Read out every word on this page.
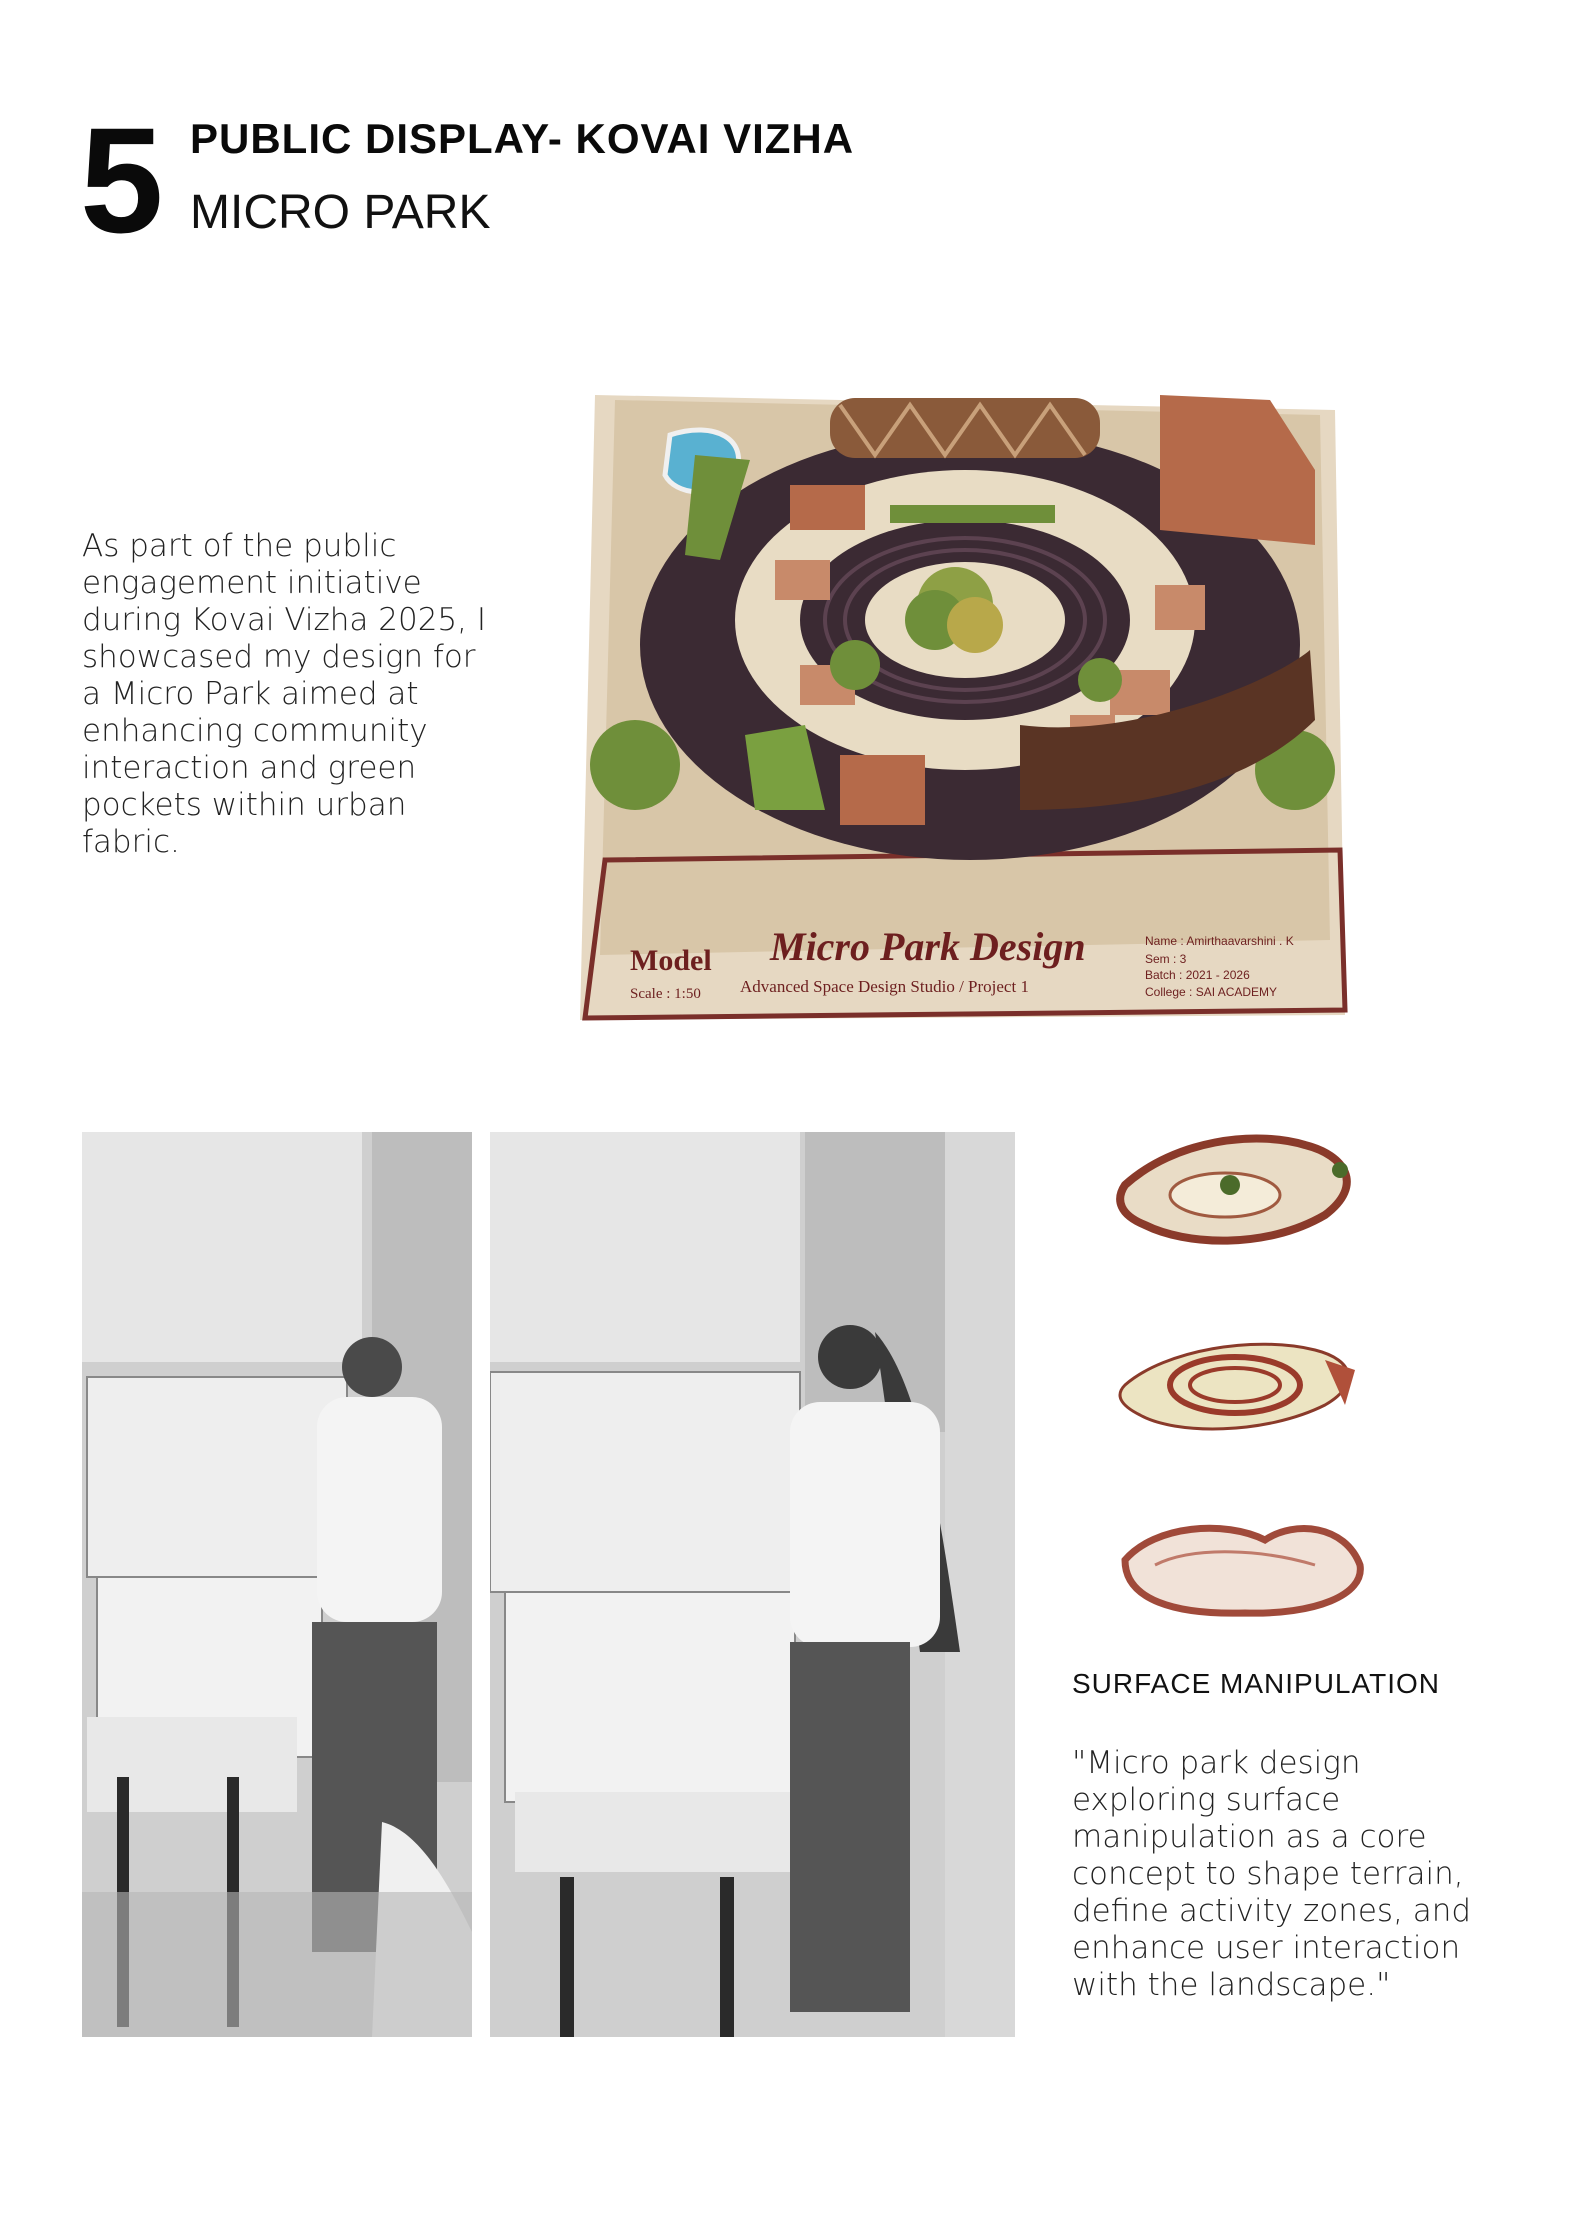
5 PUBLIC DISPLAY- KOVAI VIZHA
MICRO PARK
As part of the public engagement initiative during Kovai Vizha 2025, I showcased my design for a Micro Park aimed at enhancing community interaction and green pockets within urban fabric.
Model
Scale : 1:50
Micro Park Design
Advanced Space Design Studio / Project 1
Name : Amirthaavarshini . K
Sem : 3
Batch : 2021 - 2026
College : SAI ACADEMY
SURFACE MANIPULATION
"Micro park design exploring surface manipulation as a core concept to shape terrain, define activity zones, and enhance user interaction with the landscape."
